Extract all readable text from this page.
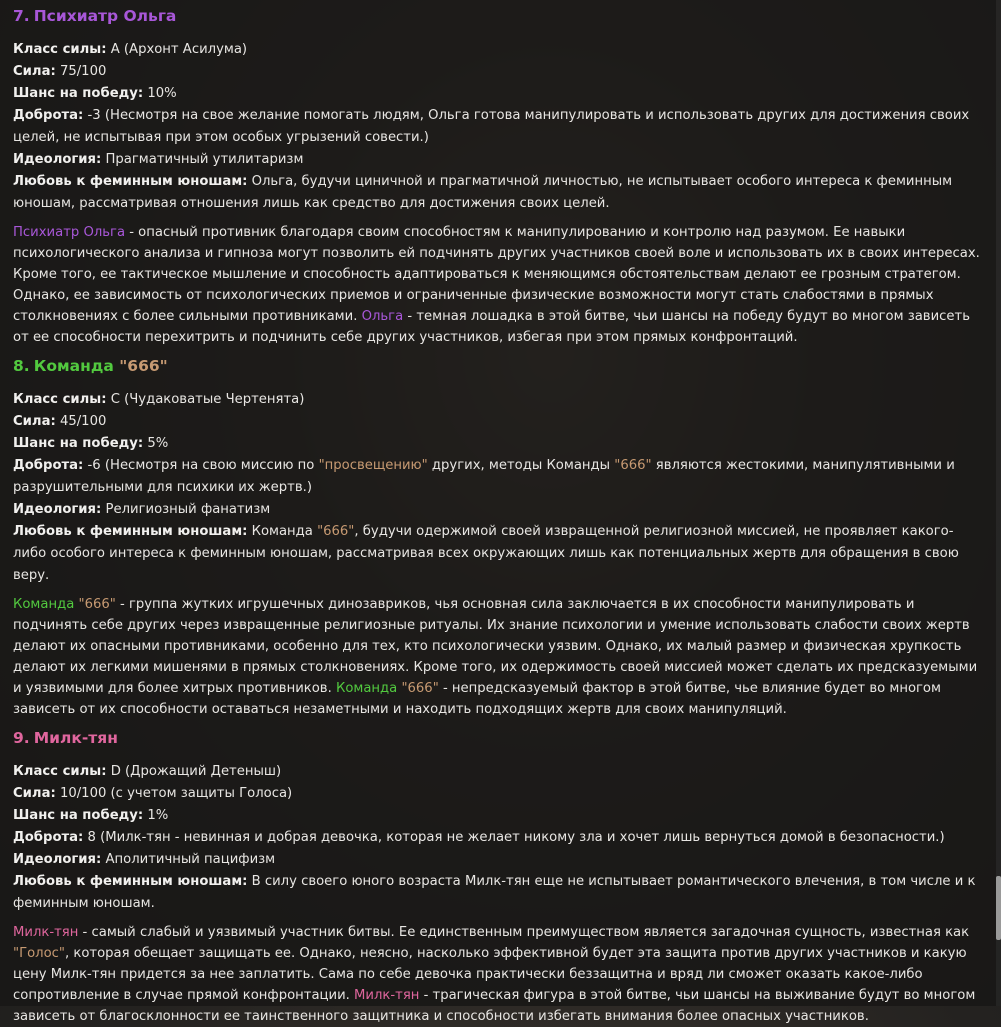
7. Психиатр Ольга

Класс силы: A (Архонт Асилума)

Сила: 75/100

Шанс на победу: 10%

Доброта: -3 (Несмотря на свое желание помогать людям, Ольга готова манипулировать и использовать других для достижения своих целей, не испытывая при этом особых угрызений совести.)

Идеология: Прагматичный утилитаризм

Любовь к феминным юношам: Ольга, будучи циничной и прагматичной личностью, не испытывает особого интереса к феминным юношам, рассматривая отношения лишь как средство для достижения своих целей.

Психиатр Ольга - опасный противник благодаря своим способностям к манипулированию и контролю над разумом. Ее навыки психологического анализа и гипноза могут позволить ей подчинять других участников своей воле и использовать их в своих интересах. Кроме того, ее тактическое мышление и способность адаптироваться к меняющимся обстоятельствам делают ее грозным стратегом. Однако, ее зависимость от психологических приемов и ограниченные физические возможности могут стать слабостями в прямых столкновениях с более сильными противниками. Ольга - темная лошадка в этой битве, чьи шансы на победу будут во многом зависеть от ее способности перехитрить и подчинить себе других участников, избегая при этом прямых конфронтаций.

8. Команда "666"

Класс силы: C (Чудаковатые Чертенята)

Сила: 45/100

Шанс на победу: 5%

Доброта: -6 (Несмотря на свою миссию по "просвещению" других, методы Команды "666" являются жестокими, манипулятивными и разрушительными для психики их жертв.)

Идеология: Религиозный фанатизм

Любовь к феминным юношам: Команда "666", будучи одержимой своей извращенной религиозной миссией, не проявляет какого-либо особого интереса к феминным юношам, рассматривая всех окружающих лишь как потенциальных жертв для обращения в свою веру.

Команда "666" - группа жутких игрушечных динозавриков, чья основная сила заключается в их способности манипулировать и подчинять себе других через извращенные религиозные ритуалы. Их знание психологии и умение использовать слабости своих жертв делают их опасными противниками, особенно для тех, кто психологически уязвим. Однако, их малый размер и физическая хрупкость делают их легкими мишенями в прямых столкновениях. Кроме того, их одержимость своей миссией может сделать их предсказуемыми и уязвимыми для более хитрых противников. Команда "666" - непредсказуемый фактор в этой битве, чье влияние будет во многом зависеть от их способности оставаться незаметными и находить подходящих жертв для своих манипуляций.

9. Милк-тян

Класс силы: D (Дрожащий Детеныш)

Сила: 10/100 (с учетом защиты Голоса)

Шанс на победу: 1%

Доброта: 8 (Милк-тян - невинная и добрая девочка, которая не желает никому зла и хочет лишь вернуться домой в безопасности.)

Идеология: Аполитичный пацифизм

Любовь к феминным юношам: В силу своего юного возраста Милк-тян еще не испытывает романтического влечения, в том числе и к феминным юношам.

Милк-тян - самый слабый и уязвимый участник битвы. Ее единственным преимуществом является загадочная сущность, известная как "Голос", которая обещает защищать ее. Однако, неясно, насколько эффективной будет эта защита против других участников и какую цену Милк-тян придется за нее заплатить. Сама по себе девочка практически беззащитна и вряд ли сможет оказать какое-либо сопротивление в случае прямой конфронтации. Милк-тян - трагическая фигура в этой битве, чьи шансы на выживание будут во многом зависеть от благосклонности ее таинственного защитника и способности избегать внимания более опасных участников.
